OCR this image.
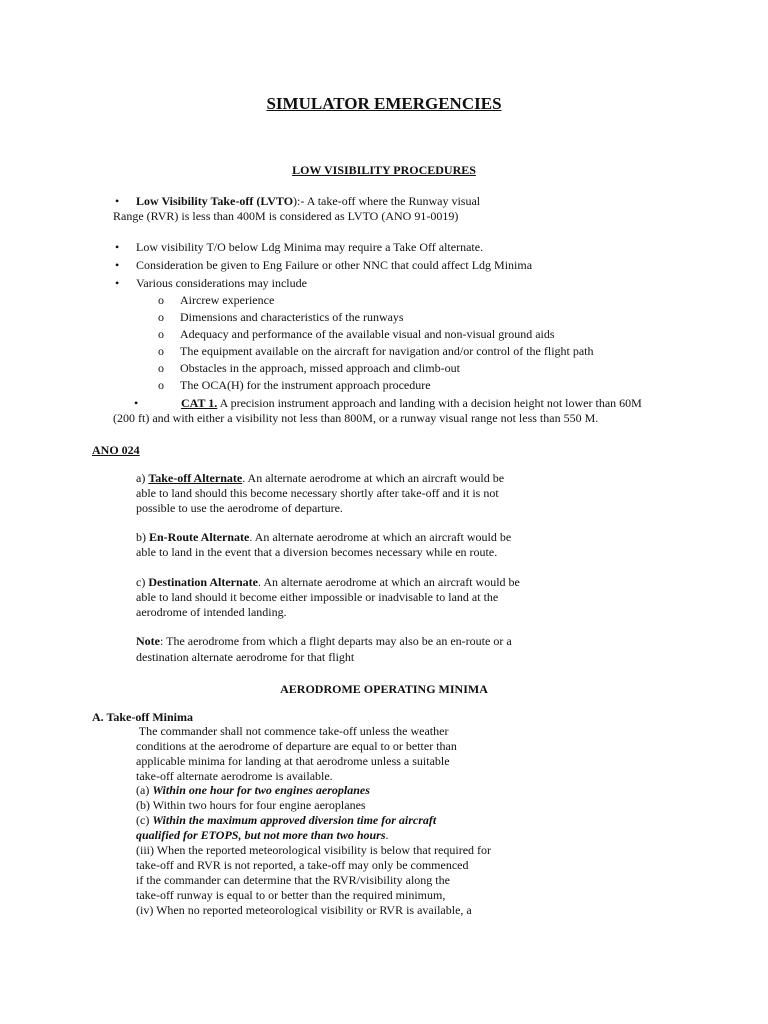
SIMULATOR EMERGENCIES
LOW VISIBILITY PROCEDURES
• Low Visibility Take-off (LVTO):- A take-off where the Runway visual
Range (RVR) is less than 400M is considered as LVTO (ANO 91-0019)
• Low visibility T/O below Ldg Minima may require a Take Off alternate.
• Consideration be given to Eng Failure or other NNC that could affect Ldg Minima
• Various considerations may include
o Aircrew experience
o Dimensions and characteristics of the runways
o Adequacy and performance of the available visual and non-visual ground aids
o The equipment available on the aircraft for navigation and/or control of the flight path
o Obstacles in the approach, missed approach and climb-out
o The OCA(H) for the instrument approach procedure
•	CAT 1. A precision instrument approach and landing with a decision height not lower than 60M
(200 ft) and with either a visibility not less than 800M, or a runway visual range not less than 550 M.
ANO 024
a) Take-off Alternate. An alternate aerodrome at which an aircraft would be
able to land should this become necessary shortly after take-off and it is not
possible to use the aerodrome of departure.
b) En-Route Alternate. An alternate aerodrome at which an aircraft would be
able to land in the event that a diversion becomes necessary while en route.
c) Destination Alternate. An alternate aerodrome at which an aircraft would be
able to land should it become either impossible or inadvisable to land at the
aerodrome of intended landing.
Note: The aerodrome from which a flight departs may also be an en-route or a
destination alternate aerodrome for that flight
AERODROME OPERATING MINIMA
A. Take-off Minima
The commander shall not commence take-off unless the weather
conditions at the aerodrome of departure are equal to or better than
applicable minima for landing at that aerodrome unless a suitable
take-off alternate aerodrome is available.
(a) Within one hour for two engines aeroplanes
(b) Within two hours for four engine aeroplanes
(c) Within the maximum approved diversion time for aircraft
qualified for ETOPS, but not more than two hours.
(iii) When the reported meteorological visibility is below that required for
take-off and RVR is not reported, a take-off may only be commenced
if the commander can determine that the RVR/visibility along the
take-off runway is equal to or better than the required minimum,
(iv) When no reported meteorological visibility or RVR is available, a
